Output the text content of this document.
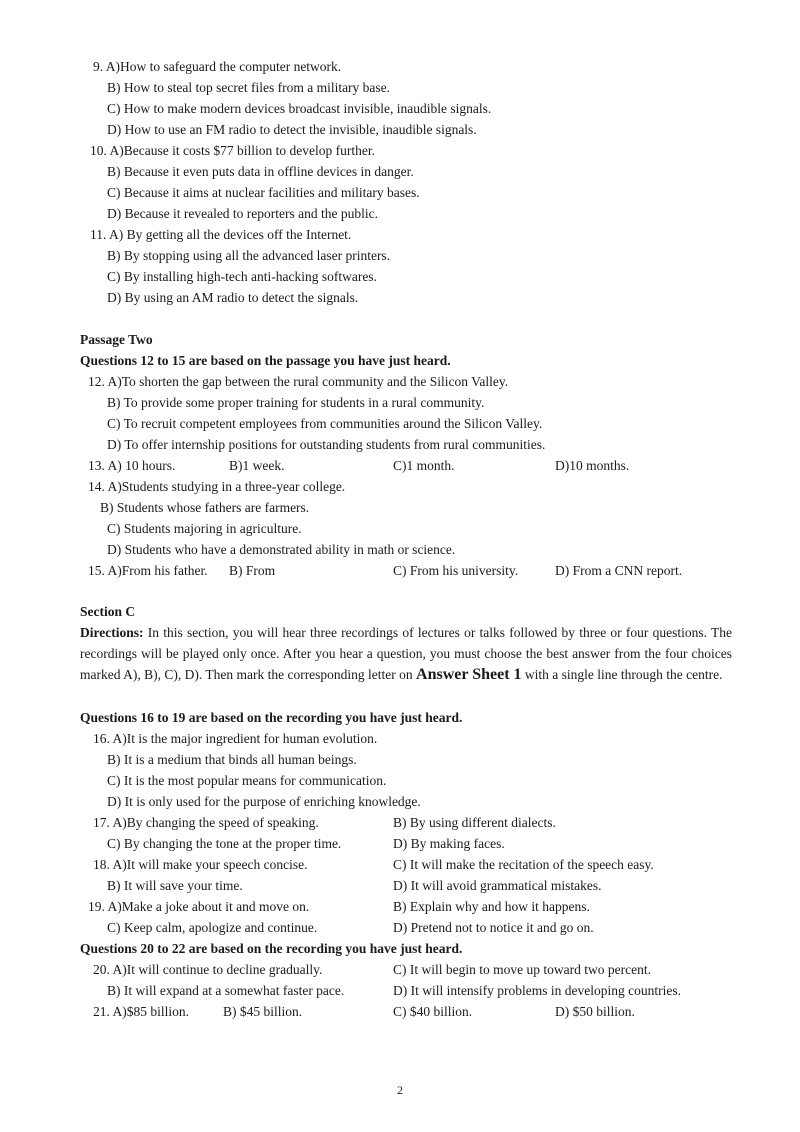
9. A)How to safeguard the computer network.
B) How to steal top secret files from a military base.
C) How to make modern devices broadcast invisible, inaudible signals.
D) How to use an FM radio to detect the invisible, inaudible signals.
10. A)Because it costs $77 billion to develop further.
B) Because it even puts data in offline devices in danger.
C) Because it aims at nuclear facilities and military bases.
D) Because it revealed to reporters and the public.
11. A) By getting all the devices off the Internet.
B) By stopping using all the advanced laser printers.
C) By installing high-tech anti-hacking softwares.
D) By using an AM radio to detect the signals.
Passage Two
Questions 12 to 15 are based on the passage you have just heard.
12. A)To shorten the gap between the rural community and the Silicon Valley.
B) To provide some proper training for students in a rural community.
C) To recruit competent employees from communities around the Silicon Valley.
D) To offer internship positions for outstanding students from rural communities.
13. A) 10 hours.	B)1 week.	C)1 month.	D)10 months.
14. A)Students studying in a three-year college.
B) Students whose fathers are farmers.
C) Students majoring in agriculture.
D) Students who have a demonstrated ability in math or science.
15. A)From his father. B) From	C) From his university.	D) From a CNN report.
Section C
Directions: In this section, you will hear three recordings of lectures or talks followed by three or four questions. The recordings will be played only once. After you hear a question, you must choose the best answer from the four choices marked A), B), C), D). Then mark the corresponding letter on Answer Sheet 1 with a single line through the centre.
Questions 16 to 19 are based on the recording you have just heard.
16. A)It is the major ingredient for human evolution.
B) It is a medium that binds all human beings.
C) It is the most popular means for communication.
D) It is only used for the purpose of enriching knowledge.
17. A)By changing the speed of speaking.	B) By using different dialects.
C) By changing the tone at the proper time.	D) By making faces.
18. A)It will make your speech concise.	C) It will make the recitation of the speech easy.
B) It will save your time.	D) It will avoid grammatical mistakes.
19. A)Make a joke about it and move on.	B) Explain why and how it happens.
C) Keep calm, apologize and continue.	D) Pretend not to notice it and go on.
Questions 20 to 22 are based on the recording you have just heard.
20. A)It will continue to decline gradually.	C) It will begin to move up toward two percent.
B) It will expand at a somewhat faster pace.	D) It will intensify problems in developing countries.
21. A)$85 billion.	B) $45 billion.	C) $40 billion.	D) $50 billion.
2
